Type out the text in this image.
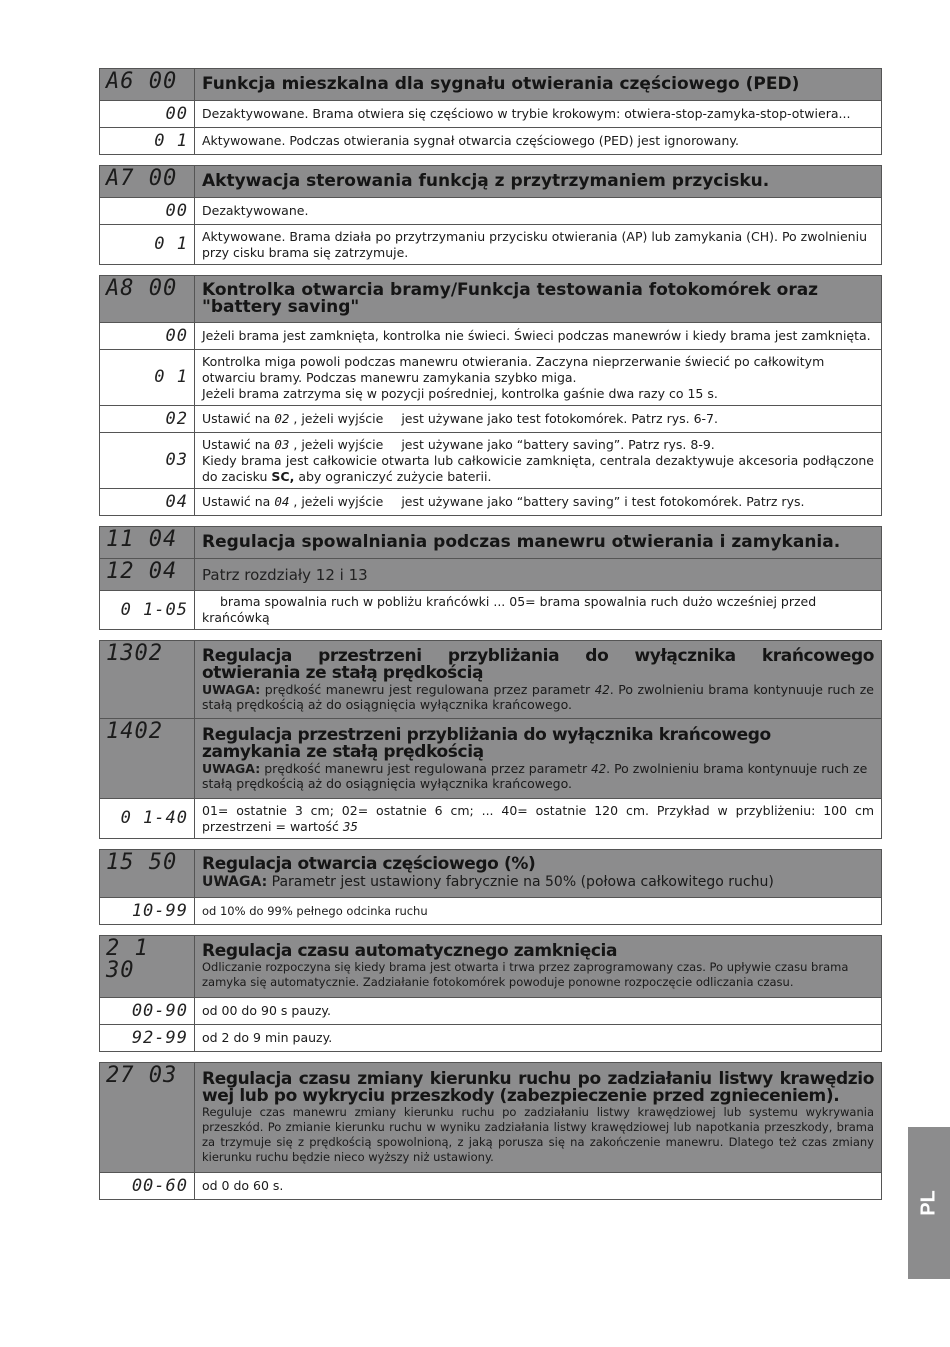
A6 00	Funkcja mieszkalna dla sygnału otwierania częściowego (PED)
00	Dezaktywowane. Brama otwiera się częściowo w trybie krokowym: otwiera-stop-zamyka-stop-otwiera...
0 1	Aktywowane. Podczas otwierania sygnał otwarcia częściowego (PED) jest ignorowany.
A7 00	Aktywacja sterowania funkcją z przytrzymaniem przycisku.
00	Dezaktywowane.
0 1	Aktywowane. Brama działa po przytrzymaniu przycisku otwierania (AP) lub zamykania (CH). Po zwolnieniu przy cisku brama się zatrzymuje.
A8 00	Kontrolka otwarcia bramy/Funkcja testowania fotokomórek oraz "battery saving"
00	Jeżeli brama jest zamknięta, kontrolka nie świeci. Świeci podczas manewrów i kiedy brama jest zamknięta.
0 1	Kontrolka miga powoli podczas manewru otwierania. Zaczyna nieprzerwanie świecić po całkowitym otwarciu bramy. Podczas manewru zamykania szybko miga.
Jeżeli brama zatrzyma się w pozycji pośredniej, kontrolka gaśnie dwa razy co 15 s.

02	Ustawić na 02 , jeżeli wyjście jest używane jako test fotokomórek. Patrz rys. 6-7.
03	Ustawić na 03 , jeżeli wyjście jest używane jako “battery saving”. Patrz rys. 8-9.
Kiedy brama jest całkowicie otwarta lub całkowicie zamknięta, centrala dezaktywuje akcesoria podłączone do zacisku SC, aby ograniczyć zużycie baterii.

04	Ustawić na 04 , jeżeli wyjście jest używane jako “battery saving” i test fotokomórek. Patrz rys.
11 04	Regulacja spowalniania podczas manewru otwierania i zamykania.
12 04	Patrz rozdziały 12 i 13
0 1-05	brama spowalnia ruch w pobliżu krańcówki ... 05= brama spowalnia ruch dużo wcześniej przed krańcówką
1302	Regulacja przestrzeni przybliżania do wyłącznika krańcowego otwierania ze stałą prędkością
UWAGA: prędkość manewru jest regulowana przez parametr 42. Po zwolnieniu brama kontynuuje ruch ze stałą prędkością aż do osiągnięcia wyłącznika krańcowego.

1402	Regulacja przestrzeni przybliżania do wyłącznika krańcowego zamykania ze stałą prędkością
UWAGA: prędkość manewru jest regulowana przez parametr 42. Po zwolnieniu brama kontynuuje ruch ze stałą prędkością aż do osiągnięcia wyłącznika krańcowego.

0 1-40	01= ostatnie 3 cm; 02= ostatnie 6 cm; ... 40= ostatnie 120 cm. Przykład w przybliżeniu: 100 cm przestrzeni = wartość 35
15 50	Regulacja otwarcia częściowego (%)
UWAGA: Parametr jest ustawiony fabrycznie na 50% (połowa całkowitego ruchu)

10-99	od 10% do 99% pełnego odcinka ruchu
2 1 30	Regulacja czasu automatycznego zamknięcia
Odliczanie rozpoczyna się kiedy brama jest otwarta i trwa przez zaprogramowany czas. Po upływie czasu brama zamyka się automatycznie. Zadziałanie fotokomórek powoduje ponowne rozpoczęcie odliczania czasu.

00-90	od 00 do 90 s pauzy.
92-99	od 2 do 9 min pauzy.
27 03	Regulacja czasu zmiany kierunku ruchu po zadziałaniu listwy krawędzio wej lub po wykryciu przeszkody (zabezpieczenie przed zgnieceniem).
Reguluje czas manewru zmiany kierunku ruchu po zadziałaniu listwy krawędziowej lub systemu wykrywania przeszkód. Po zmianie kierunku ruchu w wyniku zadziałania listwy krawędziowej lub napotkania przeszkody, brama za trzymuje się z prędkością spowolnioną, z jaką porusza się na zakończenie manewru. Dlatego też czas zmiany kierunku ruchu będzie nieco wyższy niż ustawiony.

00-60	od 0 do 60 s.
PL
